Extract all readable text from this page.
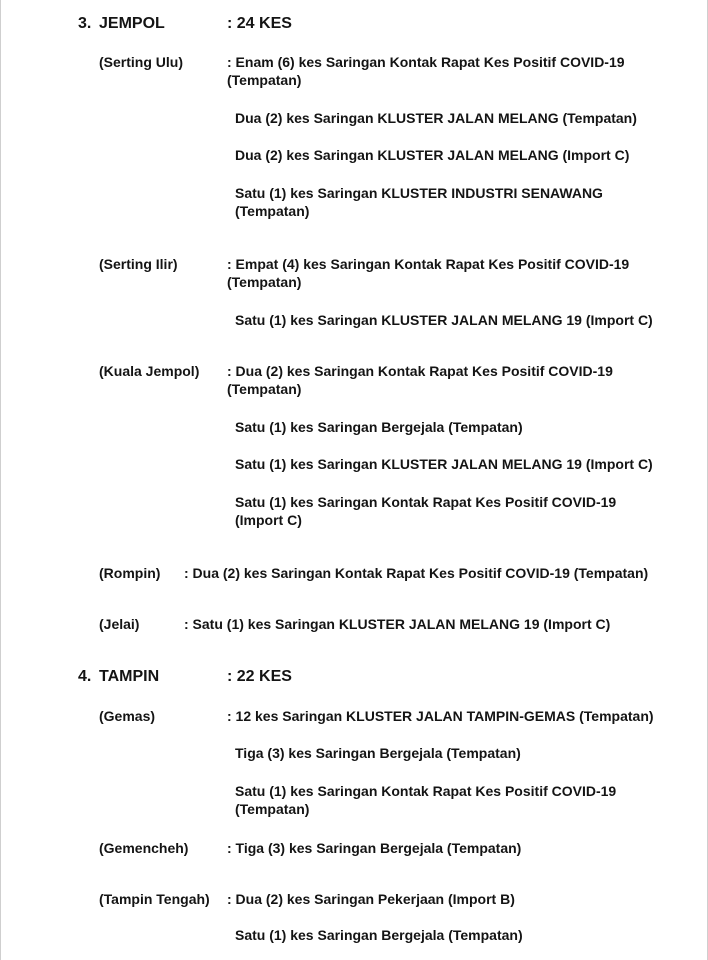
3. JEMPOL	: 24 KES
(Serting Ulu)	: Enam (6) kes Saringan Kontak Rapat Kes Positif COVID-19 (Tempatan)
Dua (2) kes Saringan KLUSTER JALAN MELANG (Tempatan)
Dua (2) kes Saringan KLUSTER JALAN MELANG (Import C)
Satu (1) kes Saringan KLUSTER INDUSTRI SENAWANG (Tempatan)
(Serting Ilir)	: Empat (4) kes Saringan Kontak Rapat Kes Positif COVID-19 (Tempatan)
Satu (1) kes Saringan KLUSTER JALAN MELANG 19 (Import C)
(Kuala Jempol) : Dua (2) kes Saringan Kontak Rapat Kes Positif COVID-19 (Tempatan)
Satu (1) kes Saringan Bergejala (Tempatan)
Satu (1) kes Saringan KLUSTER JALAN MELANG 19 (Import C)
Satu (1) kes Saringan Kontak Rapat Kes Positif COVID-19 (Import C)
(Rompin) : Dua (2) kes Saringan Kontak Rapat Kes Positif COVID-19 (Tempatan)
(Jelai)	: Satu (1) kes Saringan KLUSTER JALAN MELANG 19 (Import C)
4. TAMPIN	: 22 KES
(Gemas)	: 12 kes Saringan KLUSTER JALAN TAMPIN-GEMAS (Tempatan)
Tiga (3) kes Saringan Bergejala (Tempatan)
Satu (1) kes Saringan Kontak Rapat Kes Positif COVID-19 (Tempatan)
(Gemencheh)	: Tiga (3) kes Saringan Bergejala (Tempatan)
(Tampin Tengah) : Dua (2) kes Saringan Pekerjaan (Import B)
Satu (1) kes Saringan Bergejala (Tempatan)
